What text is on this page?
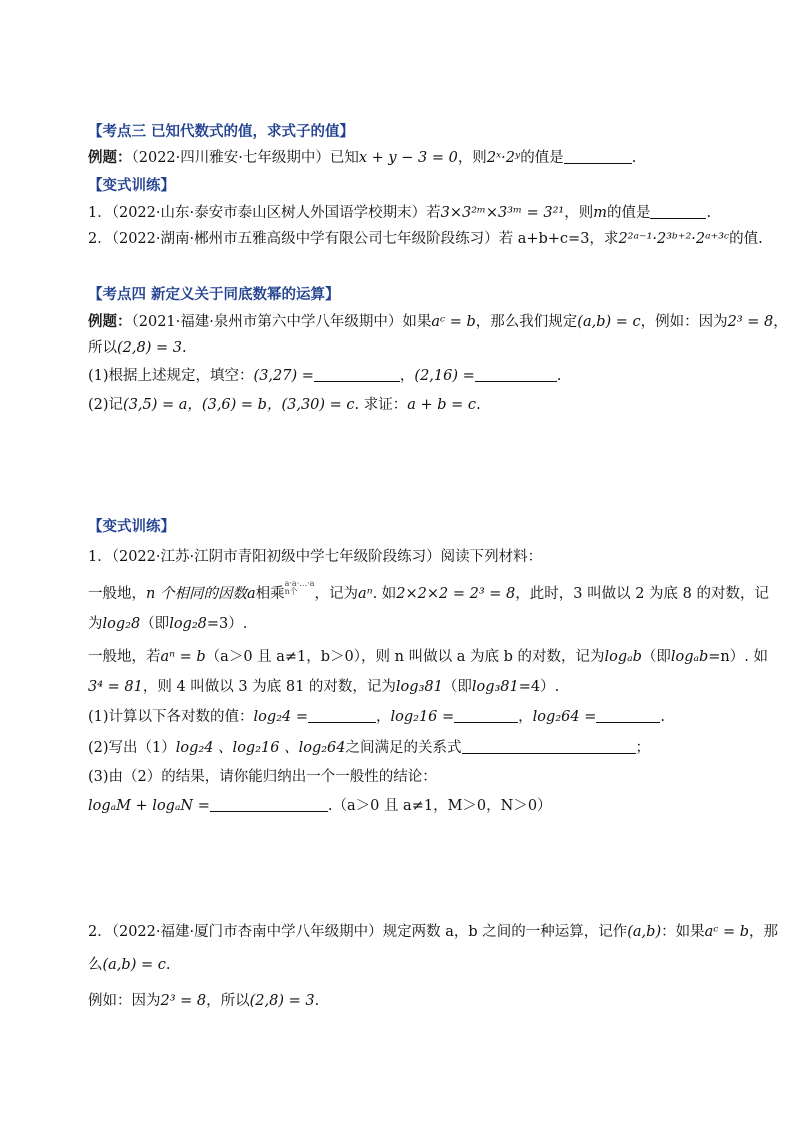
【考点三 已知代数式的值，求式子的值】
例题：（2022·四川雅安·七年级期中）已知x + y − 3 = 0，则2ˣ·2ʸ的值是	.
【变式训练】
1．（2022·山东·泰安市泰山区树人外国语学校期末）若3×3²ᵐ×3³ᵐ = 3²¹，则m的值是	.
2．（2022·湖南·郴州市五雅高级中学有限公司七年级阶段练习）若 a+b+c=3，求2²ᵃ⁻¹·2³ᵇ⁺²·2ᵃ⁺³ᶜ的值.
【考点四 新定义关于同底数幂的运算】
例题：（2021·福建·泉州市第六中学八年级期中）如果aᶜ = b，那么我们规定(a,b) = c，例如：因为2³ = 8，
所以(2,8) = 3.
(1)根据上述规定，填空：(3,27) =	，(2,16) =	.
(2)记(3,5) = a，(3,6) = b，(3,30) = c. 求证：a + b = c.
【变式训练】
1．（2022·江苏·江阴市青阳初级中学七年级阶段练习）阅读下列材料：
一般地，n 个相同的因数a相乘a·a·…·a
n个 ，记为aⁿ. 如2×2×2 = 2³ = 8，此时，3 叫做以 2 为底 8 的对数，记
为log₂8（即log₂8=3）.
一般地，若aⁿ = b（a＞0 且 a≠1，b＞0），则 n 叫做以 a 为底 b 的对数，记为logₐb（即logₐb=n）. 如
3⁴ = 81，则 4 叫做以 3 为底 81 的对数，记为log₃81（即log₃81=4）.
(1)计算以下各对数的值：log₂4 =	，log₂16 =	，log₂64 =	.
(2)写出（1）log₂4 、log₂16 、log₂64之间满足的关系式	；
(3)由（2）的结果，请你能归纳出一个一般性的结论：
logₐM + logₐN =	.（a＞0 且 a≠1，M＞0，N＞0）
2．（2022·福建·厦门市杏南中学八年级期中）规定两数 a，b 之间的一种运算，记作(a,b)：如果aᶜ = b，那
么(a,b) = c.
例如：因为2³ = 8，所以(2,8) = 3.
